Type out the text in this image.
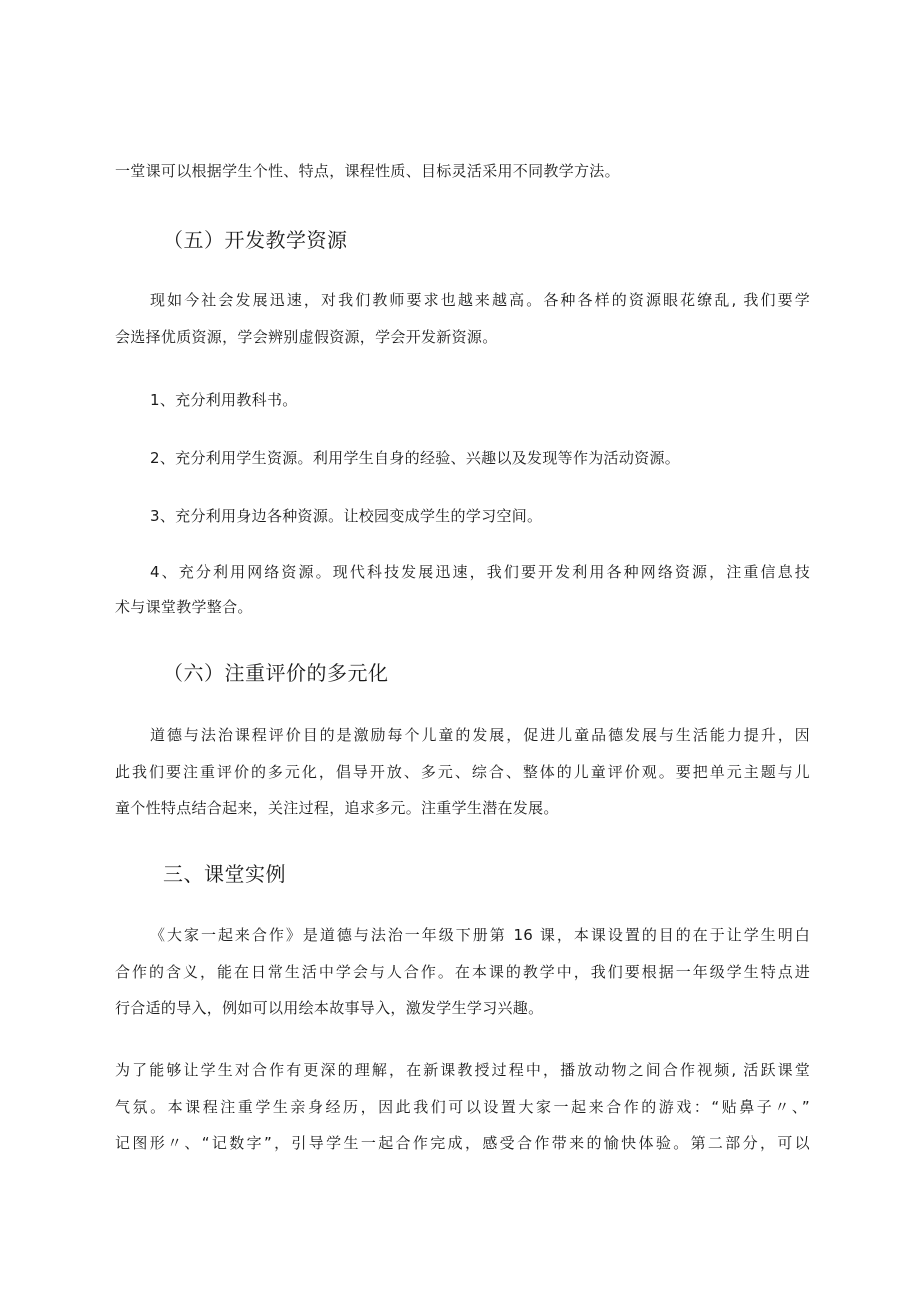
一堂课可以根据学生个性、特点，课程性质、目标灵活采用不同教学方法。
（五）开发教学资源
现如今社会发展迅速，对我们教师要求也越来越高。各种各样的资源眼花缭乱, 我们要学
会选择优质资源，学会辨别虚假资源，学会开发新资源。
1、充分利用教科书。
2、充分利用学生资源。利用学生自身的经验、兴趣以及发现等作为活动资源。
3、充分利用身边各种资源。让校园变成学生的学习空间。
4、充分利用网络资源。现代科技发展迅速，我们要开发利用各种网络资源，注重信息技
术与课堂教学整合。
（六）注重评价的多元化
道德与法治课程评价目的是激励每个儿童的发展，促进儿童品德发展与生活能力提升，因
此我们要注重评价的多元化，倡导开放、多元、综合、整体的儿童评价观。要把单元主题与儿
童个性特点结合起来，关注过程，追求多元。注重学生潜在发展。
三、课堂实例
《大家一起来合作》是道德与法治一年级下册第 16 课，本课设置的目的在于让学生明白
合作的含义，能在日常生活中学会与人合作。在本课的教学中，我们要根据一年级学生特点进
行合适的导入，例如可以用绘本故事导入，激发学生学习兴趣。
为了能够让学生对合作有更深的理解，在新课教授过程中，播放动物之间合作视频, 活跃课堂
气氛。本课程注重学生亲身经历，因此我们可以设置大家一起来合作的游戏：“贴鼻子〃、”
记图形〃、“记数字”，引导学生一起合作完成，感受合作带来的愉快体验。第二部分，可以
